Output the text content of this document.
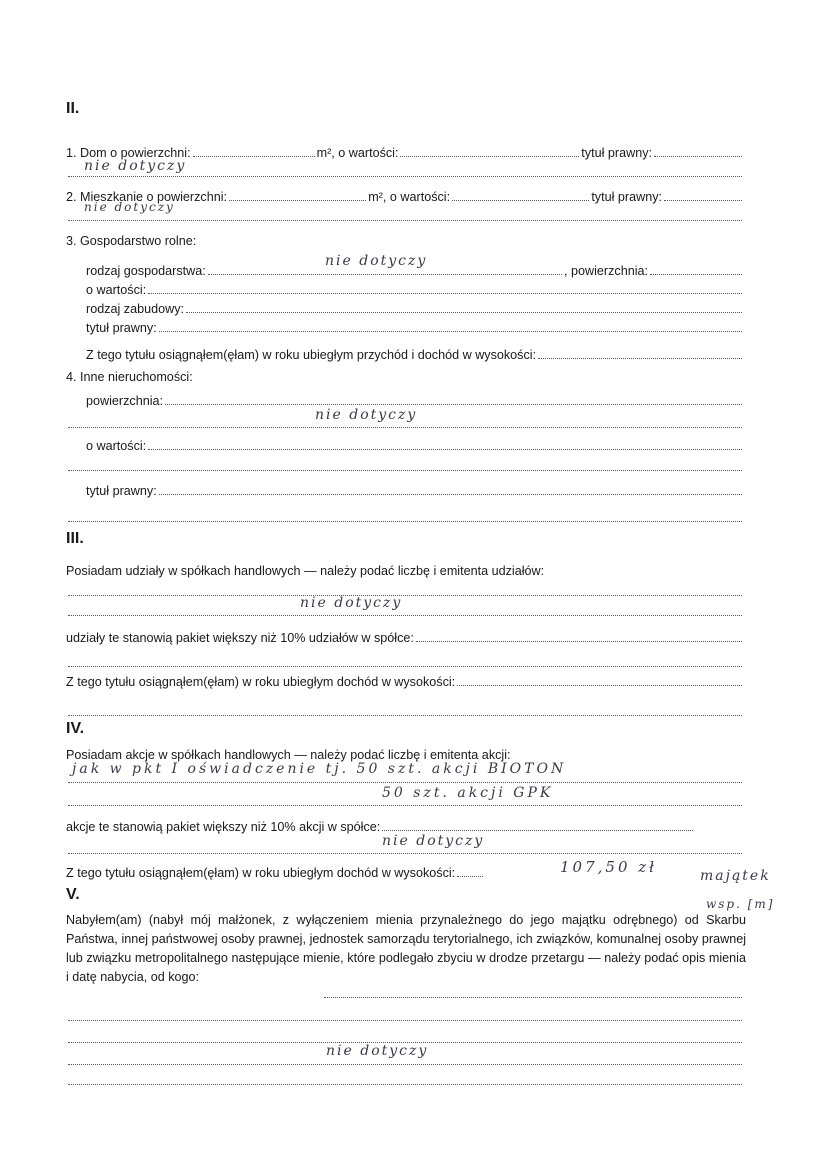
II.
1. Dom o powierzchni:	m², o wartości:	tytuł prawny:
nie dotyczy
2. Mieszkanie o powierzchni:	m², o wartości:	tytuł prawny:
nie dotyczy
3. Gospodarstwo rolne:
rodzaj gospodarstwa:	, powierzchnia:
nie dotyczy
o wartości:
rodzaj zabudowy:
tytuł prawny:
Z tego tytułu osiągnąłem(ęłam) w roku ubiegłym przychód i dochód w wysokości:
4. Inne nieruchomości:
powierzchnia:
nie dotyczy
o wartości:
tytuł prawny:
III.
Posiadam udziały w spółkach handlowych — należy podać liczbę i emitenta udziałów:
nie dotyczy
udziały te stanowią pakiet większy niż 10% udziałów w spółce:
Z tego tytułu osiągnąłem(ęłam) w roku ubiegłym dochód w wysokości:
IV.
Posiadam akcje w spółkach handlowych — należy podać liczbę i emitenta akcji:
jak w pkt I oświadczenie tj. 50 szt. akcji BIOTON
50 szt. akcji GPK
akcje te stanowią pakiet większy niż 10% akcji w spółce:
nie dotyczy
Z tego tytułu osiągnąłem(ęłam) w roku ubiegłym dochód w wysokości:	107,50 zł	majątek
wsp. [m]
V.
Nabyłem(am) (nabył mój małżonek, z wyłączeniem mienia przynależnego do jego majątku odrębnego) od Skarbu Państwa, innej państwowej osoby prawnej, jednostek samorządu terytorialnego, ich związków, komunalnej osoby prawnej lub związku metropolitalnego następujące mienie, które podlegało zbyciu w drodze przetargu — należy podać opis mienia i datę nabycia, od kogo:
nie dotyczy
